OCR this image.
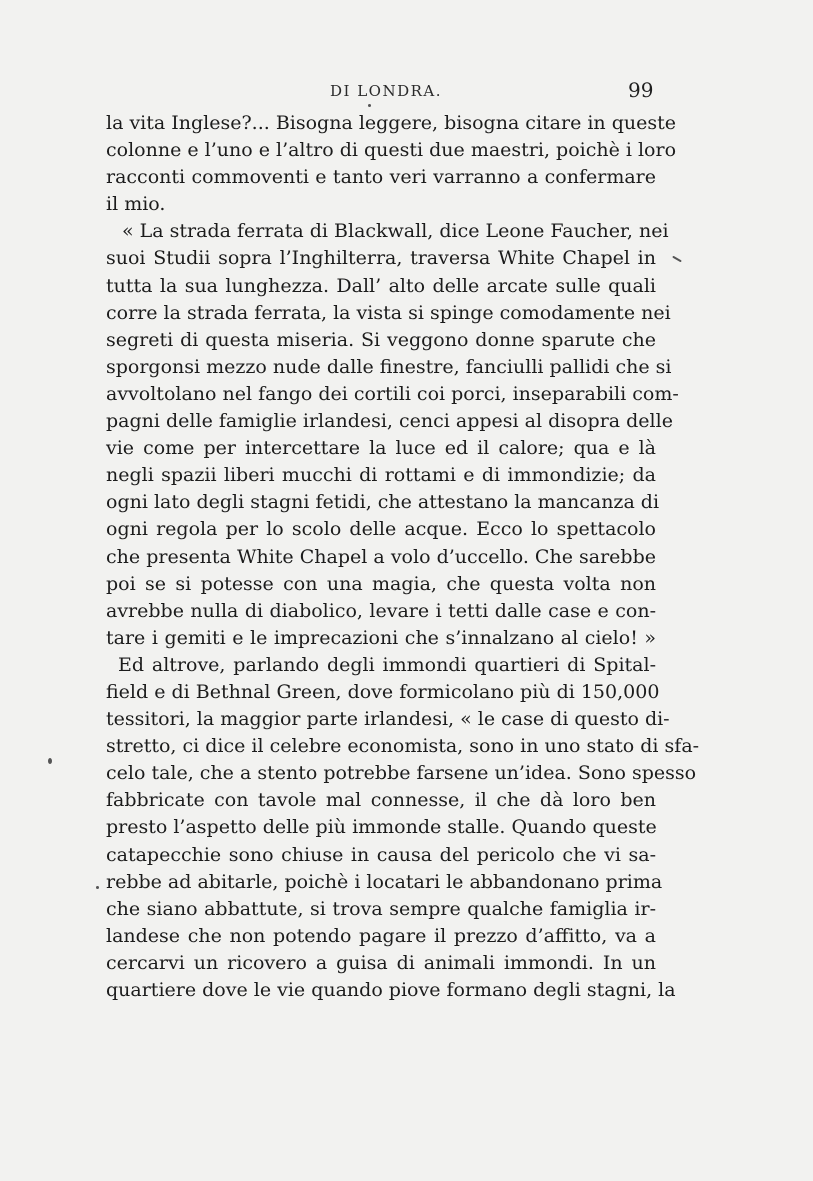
DI LONDRA.	99
la vita Inglese?... Bisogna leggere, bisogna citare in queste
colonne e l’uno e l’altro di questi due maestri, poichè i loro
racconti commoventi e tanto veri varranno a confermare
il mio.
« La strada ferrata di Blackwall, dice Leone Faucher, nei
suoi Studii sopra l’Inghilterra, traversa White Chapel in
tutta la sua lunghezza. Dall’ alto delle arcate sulle quali
corre la strada ferrata, la vista si spinge comodamente nei
segreti di questa miseria. Si veggono donne sparute che
sporgonsi mezzo nude dalle finestre, fanciulli pallidi che si
avvoltolano nel fango dei cortili coi porci, inseparabili com-
pagni delle famiglie irlandesi, cenci appesi al disopra delle
vie come per intercettare la luce ed il calore; qua e là
negli spazii liberi mucchi di rottami e di immondizie; da
ogni lato degli stagni fetidi, che attestano la mancanza di
ogni regola per lo scolo delle acque. Ecco lo spettacolo
che presenta White Chapel a volo d’uccello. Che sarebbe
poi se si potesse con una magia, che questa volta non
avrebbe nulla di diabolico, levare i tetti dalle case e con-
tare i gemiti e le imprecazioni che s’innalzano al cielo! »
Ed altrove, parlando degli immondi quartieri di Spital-
field e di Bethnal Green, dove formicolano più di 150,000
tessitori, la maggior parte irlandesi, « le case di questo di-
stretto, ci dice il celebre economista, sono in uno stato di sfa-
celo tale, che a stento potrebbe farsene un’idea. Sono spesso
fabbricate con tavole mal connesse, il che dà loro ben
presto l’aspetto delle più immonde stalle. Quando queste
catapecchie sono chiuse in causa del pericolo che vi sa-
rebbe ad abitarle, poichè i locatari le abbandonano prima
che siano abbattute, si trova sempre qualche famiglia ir-
landese che non potendo pagare il prezzo d’affitto, va a
cercarvi un ricovero a guisa di animali immondi. In un
quartiere dove le vie quando piove formano degli stagni, la
